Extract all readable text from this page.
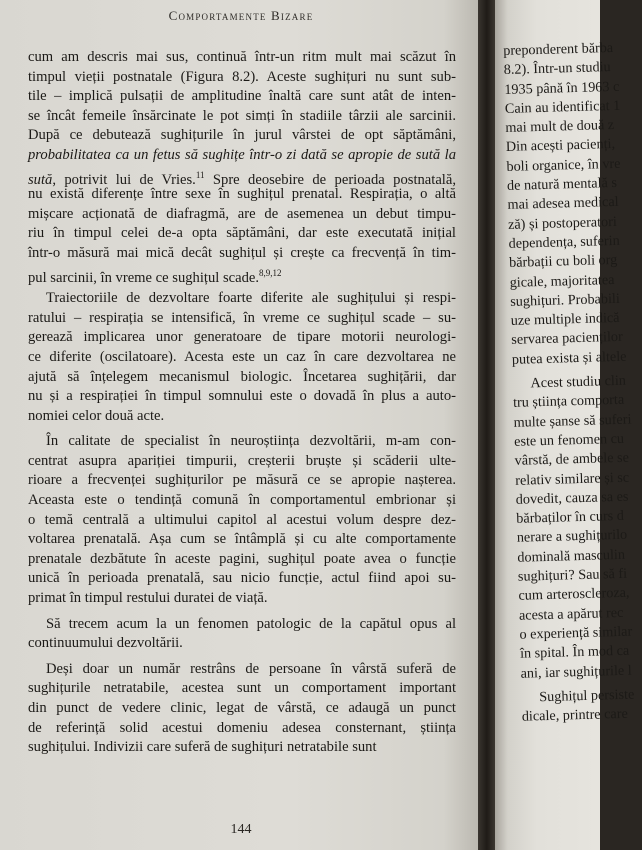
Comportamente Bizare
cum am descris mai sus, continuă într-un ritm mult mai scăzut în
timpul vieții postnatale (Figura 8.2). Aceste sughițuri nu sunt sub-
tile – implică pulsații de amplitudine înaltă care sunt atât de inten-
se încât femeile însărcinate le pot simți în stadiile târzii ale sarcinii.
După ce debutează sughițurile în jurul vârstei de opt săptămâni,
probabilitatea ca un fetus să sughițe într-o zi dată se apropie de sută la
sută, potrivit lui de Vries.$^{11}$ Spre deosebire de perioada postnatală,
nu există diferențe între sexe în sughițul prenatal. Respirația, o altă
mișcare acționată de diafragmă, are de asemenea un debut timpu-
riu în timpul celei de-a opta săptămâni, dar este executată inițial
într-o măsură mai mică decât sughițul și crește ca frecvență în tim-
pul sarcinii, în vreme ce sughițul scade.$^{8,9,12}$
Traiectoriile de dezvoltare foarte diferite ale sughițului și respi-
ratului – respirația se intensifică, în vreme ce sughițul scade – su-
gerează implicarea unor generatoare de tipare motorii neurologi-
ce diferite (oscilatoare). Acesta este un caz în care dezvoltarea ne
ajută să înțelegem mecanismul biologic. Încetarea sughițării, dar
nu și a respirației în timpul somnului este o dovadă în plus a auto-
nomiei celor două acte.
În calitate de specialist în neuroștiința dezvoltării, m-am con-
centrat asupra apariției timpurii, creșterii bruște și scăderii ulte-
rioare a frecvenței sughițurilor pe măsură ce se apropie nașterea.
Aceasta este o tendință comună în comportamentul embrionar și
o temă centrală a ultimului capitol al acestui volum despre dez-
voltarea prenatală. Așa cum se întâmplă și cu alte comportamente
prenatale dezbătute în aceste pagini, sughițul poate avea o funcție
unică în perioada prenatală, sau nicio funcție, actul fiind apoi su-
primat în timpul restului duratei de viață.
Să trecem acum la un fenomen patologic de la capătul opus al
continuumului dezvoltării.
Deși doar un număr restrâns de persoane în vârstă suferă de
sughițurile netratabile, acestea sunt un comportament important
din punct de vedere clinic, legat de vârstă, ce adaugă un punct
de referință solid acestui domeniu adesea consternant, știința
sughițului. Indivizii care suferă de sughițuri netratabile sunt
144
preponderent bărba
8.2). Într-un studiu
1935 până în 1963 c
Cain au identificat 1
mai mult de două z
Din acești pacienți,
boli organice, în vre
de natură mentală s
mai adesea medical
ză) și postoperatori
dependența, suferin
bărbații cu boli org
gicale, majoritatea
sughițuri. Probabili
uze multiple indică
servarea pacienților
putea exista și altele
Acest studiu clin
tru știința comporta
multe șanse să suferi
este un fenomen cu
vârstă, de ambele se
relativ similare și sc
dovedit, cauza sa es
bărbaților în curs d
nerare a sughițurilo
dominală masculin
sughițuri? Sau să fi
cum arteroscleroza,
acesta a apărut rec
o experiență similar
în spital. În mod ca
ani, iar sughițurile l
Sughițul persiste
dicale, printre care
